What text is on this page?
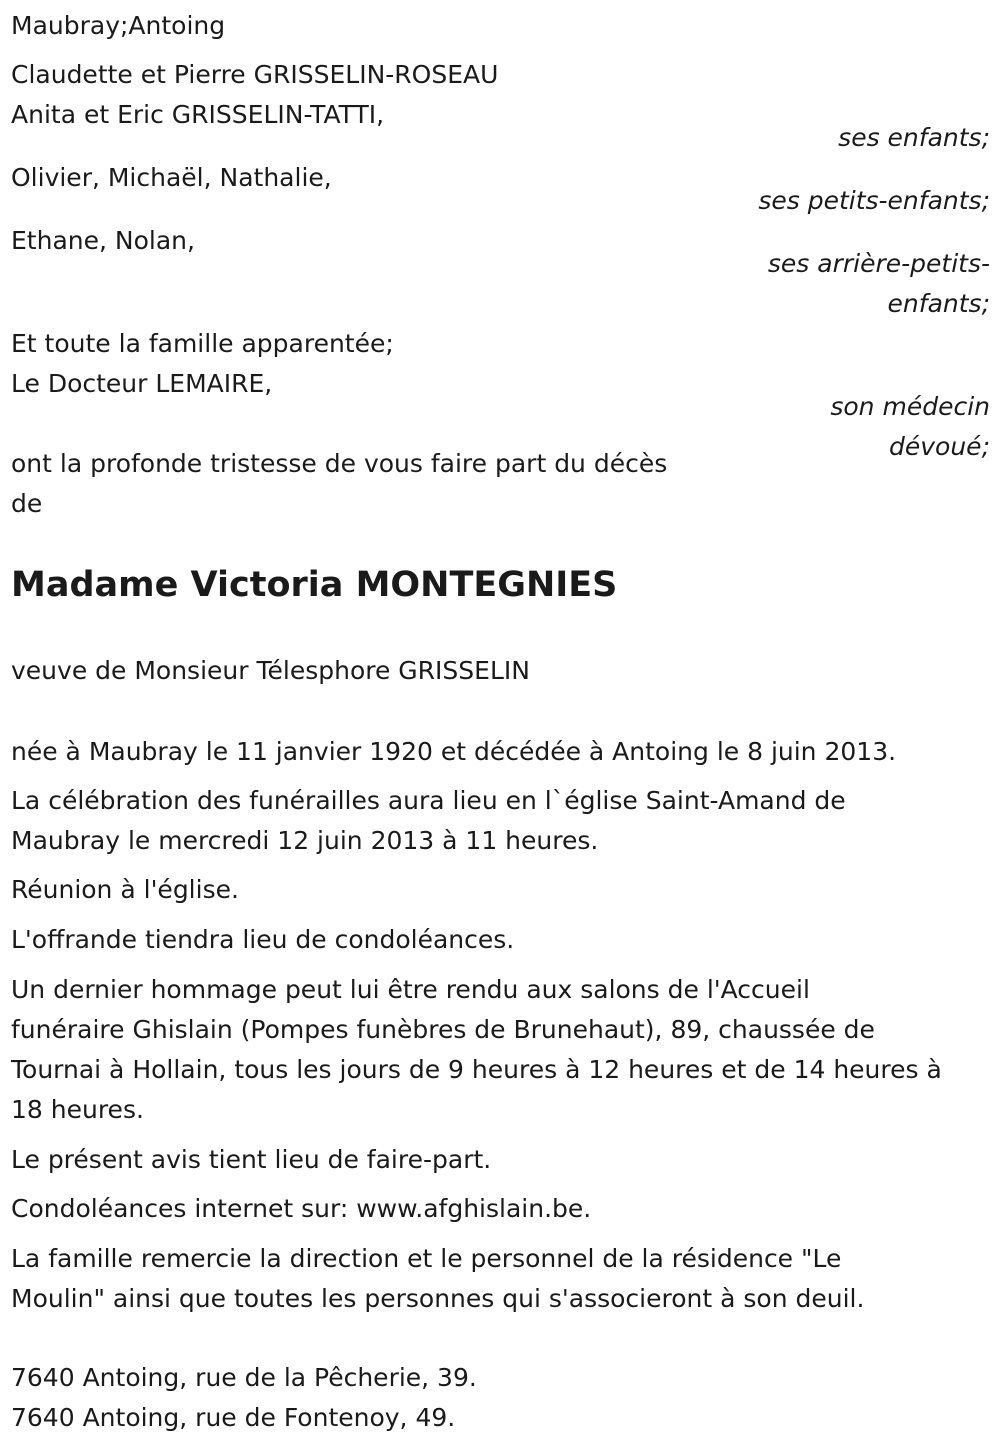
Maubray;Antoing
Claudette et Pierre GRISSELIN-ROSEAU
Anita et Eric GRISSELIN-TATTI,
ses enfants;
Olivier, Michaël, Nathalie,
ses petits-enfants;
Ethane, Nolan,
ses arrière-petits-
enfants;
Et toute la famille apparentée;
Le Docteur LEMAIRE,
son médecin
dévoué;
ont la profonde tristesse de vous faire part du décès
de
Madame Victoria MONTEGNIES
veuve de Monsieur Télesphore GRISSELIN
née à Maubray le 11 janvier 1920 et décédée à Antoing le 8 juin 2013.
La célébration des funérailles aura lieu en l`église Saint-Amand de
Maubray le mercredi 12 juin 2013 à 11 heures.
Réunion à l'église.
L'offrande tiendra lieu de condoléances.
Un dernier hommage peut lui être rendu aux salons de l'Accueil
funéraire Ghislain (Pompes funèbres de Brunehaut), 89, chaussée de
Tournai à Hollain, tous les jours de 9 heures à 12 heures et de 14 heures à
18 heures.
Le présent avis tient lieu de faire-part.
Condoléances internet sur: www.afghislain.be.
La famille remercie la direction et le personnel de la résidence "Le
Moulin" ainsi que toutes les personnes qui s'associeront à son deuil.
7640 Antoing, rue de la Pêcherie, 39.
7640 Antoing, rue de Fontenoy, 49.
